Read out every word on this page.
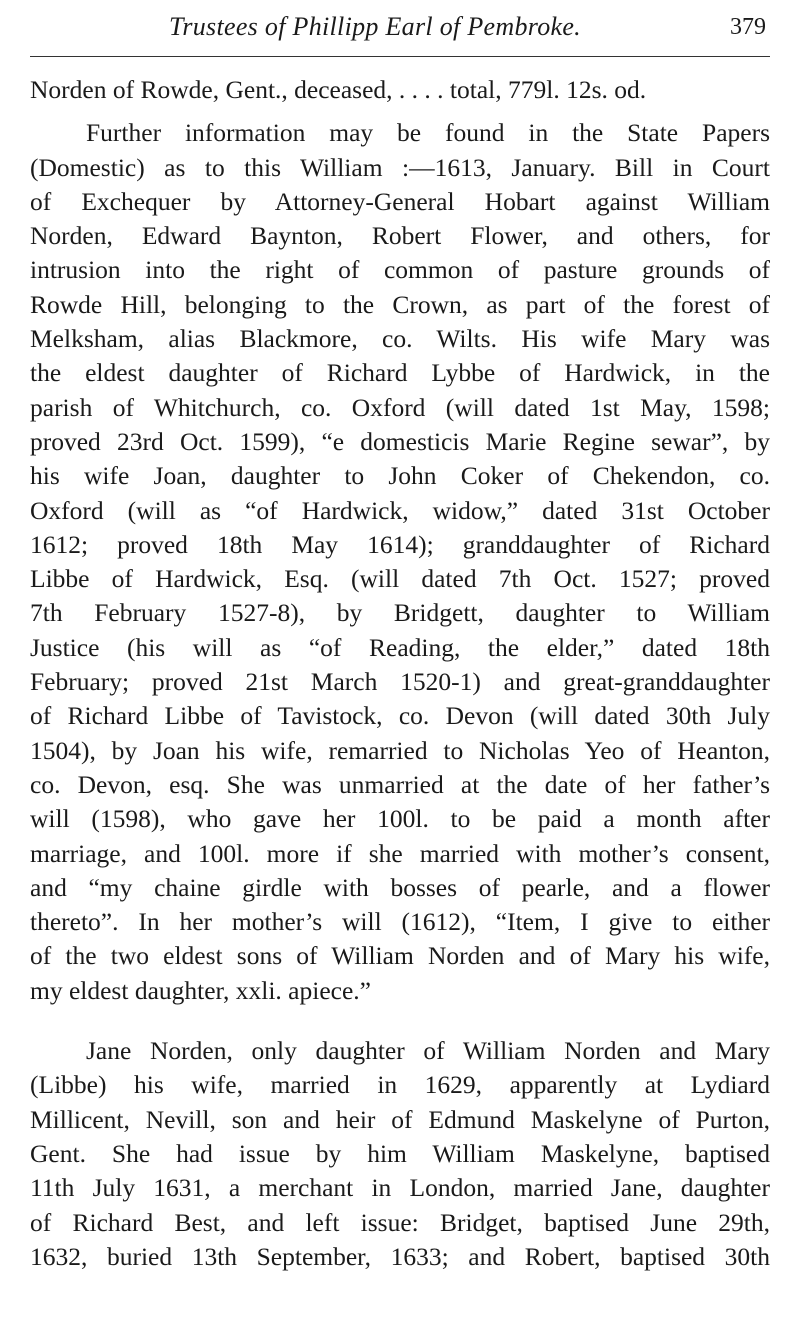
Trustees of Phillipp Earl of Pembroke.	379
Norden of Rowde, Gent., deceased, . . . . total, 779l. 12s. od.
Further information may be found in the State Papers
(Domestic) as to this William :—1613, January. Bill in Court
of Exchequer by Attorney-General Hobart against William
Norden, Edward Baynton, Robert Flower, and others, for
intrusion into the right of common of pasture grounds of
Rowde Hill, belonging to the Crown, as part of the forest of
Melksham, alias Blackmore, co. Wilts. His wife Mary was
the eldest daughter of Richard Lybbe of Hardwick, in the
parish of Whitchurch, co. Oxford (will dated 1st May, 1598;
proved 23rd Oct. 1599), “e domesticis Marie Regine sewar”, by
his wife Joan, daughter to John Coker of Chekendon, co.
Oxford (will as “of Hardwick, widow,” dated 31st October
1612; proved 18th May 1614); granddaughter of Richard
Libbe of Hardwick, Esq. (will dated 7th Oct. 1527; proved
7th February 1527-8), by Bridgett, daughter to William
Justice (his will as “of Reading, the elder,” dated 18th
February; proved 21st March 1520-1) and great-granddaughter
of Richard Libbe of Tavistock, co. Devon (will dated 30th July
1504), by Joan his wife, remarried to Nicholas Yeo of Heanton,
co. Devon, esq. She was unmarried at the date of her father’s
will (1598), who gave her 100l. to be paid a month after
marriage, and 100l. more if she married with mother’s consent,
and “my chaine girdle with bosses of pearle, and a flower
thereto”. In her mother’s will (1612), “Item, I give to either
of the two eldest sons of William Norden and of Mary his wife,
my eldest daughter, xxli. apiece.”
Jane Norden, only daughter of William Norden and Mary
(Libbe) his wife, married in 1629, apparently at Lydiard
Millicent, Nevill, son and heir of Edmund Maskelyne of Purton,
Gent. She had issue by him William Maskelyne, baptised
11th July 1631, a merchant in London, married Jane, daughter
of Richard Best, and left issue: Bridget, baptised June 29th,
1632, buried 13th September, 1633; and Robert, baptised 30th
